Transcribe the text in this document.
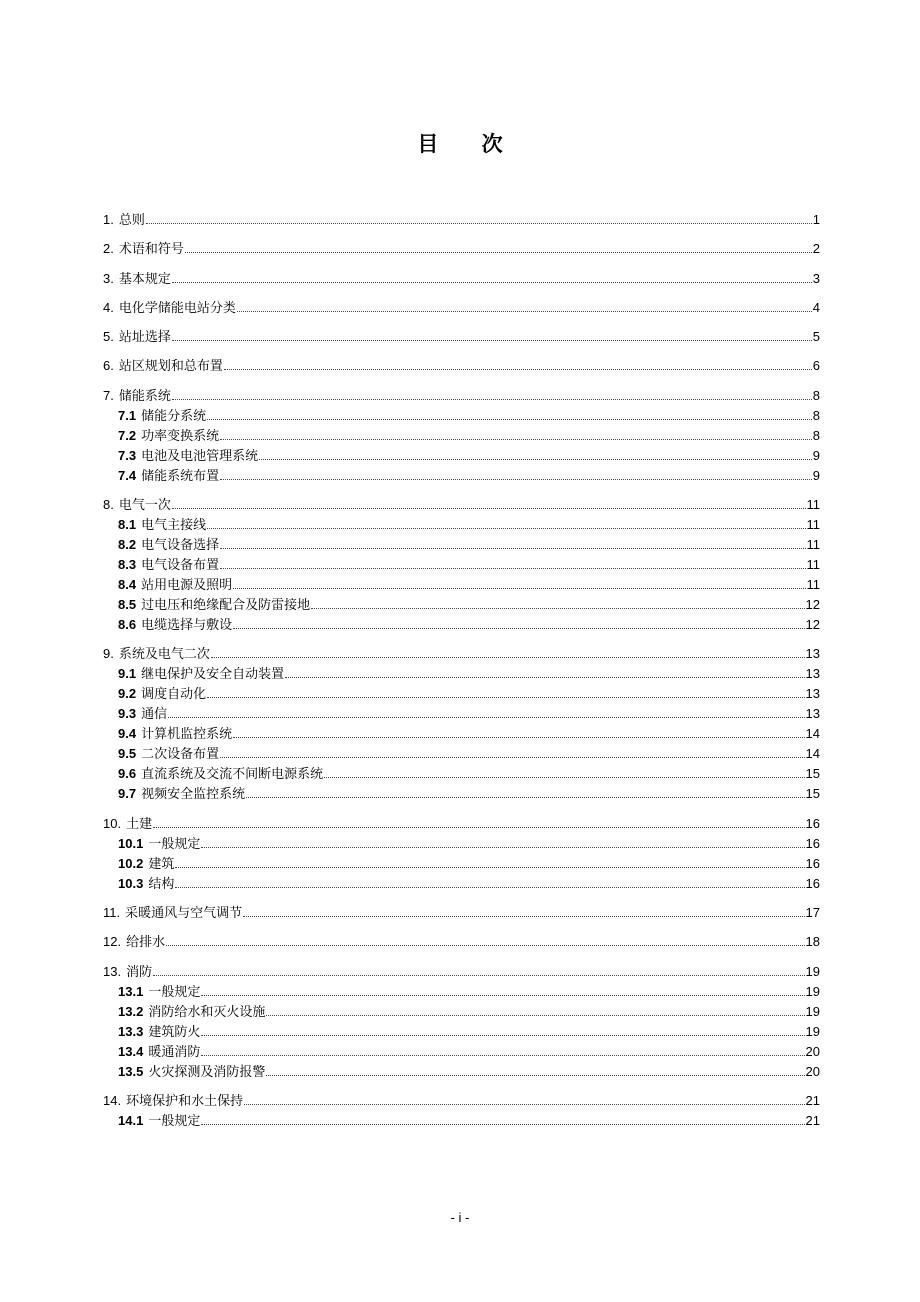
目 次
1. 总则	1
2. 术语和符号	2
3. 基本规定	3
4. 电化学储能电站分类	4
5. 站址选择	5
6. 站区规划和总布置	6
7. 储能系统	8
7.1 储能分系统	8
7.2 功率变换系统	8
7.3 电池及电池管理系统	9
7.4 储能系统布置	9
8. 电气一次	11
8.1 电气主接线	11
8.2 电气设备选择	11
8.3 电气设备布置	11
8.4 站用电源及照明	11
8.5 过电压和绝缘配合及防雷接地	12
8.6 电缆选择与敷设	12
9. 系统及电气二次	13
9.1 继电保护及安全自动装置	13
9.2 调度自动化	13
9.3 通信	13
9.4 计算机监控系统	14
9.5 二次设备布置	14
9.6 直流系统及交流不间断电源系统	15
9.7 视频安全监控系统	15
10. 土建	16
10.1 一般规定	16
10.2 建筑	16
10.3 结构	16
11. 采暖通风与空气调节	17
12. 给排水	18
13. 消防	19
13.1 一般规定	19
13.2 消防给水和灭火设施	19
13.3 建筑防火	19
13.4 暖通消防	20
13.5 火灾探测及消防报警	20
14. 环境保护和水土保持	21
14.1 一般规定	21
- i -
